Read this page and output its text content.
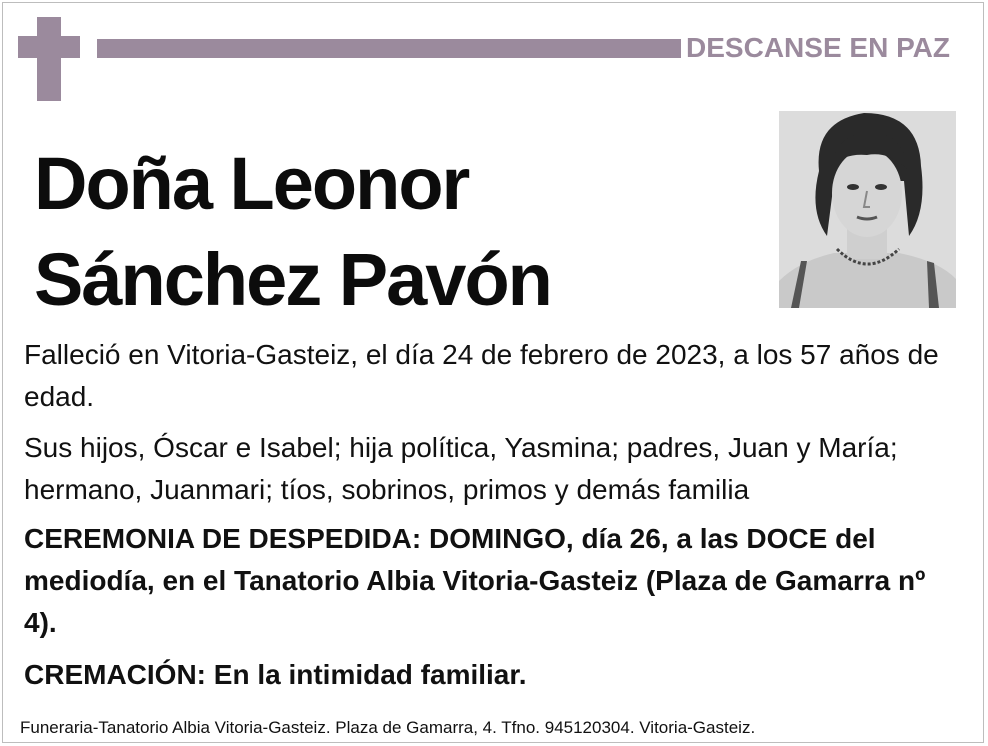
DESCANSE EN PAZ
Doña Leonor
Sánchez Pavón
Falleció en Vitoria-Gasteiz, el día 24 de febrero de 2023, a los 57 años de edad.
Sus hijos, Óscar e Isabel; hija política, Yasmina; padres, Juan y María; hermano, Juanmari; tíos, sobrinos, primos y demás familia
CEREMONIA DE DESPEDIDA: DOMINGO, día 26, a las DOCE del mediodía, en el Tanatorio Albia Vitoria-Gasteiz (Plaza de Gamarra nº 4).
CREMACIÓN: En la intimidad familiar.
Funeraria-Tanatorio Albia Vitoria-Gasteiz. Plaza de Gamarra, 4. Tfno. 945120304. Vitoria-Gasteiz.
